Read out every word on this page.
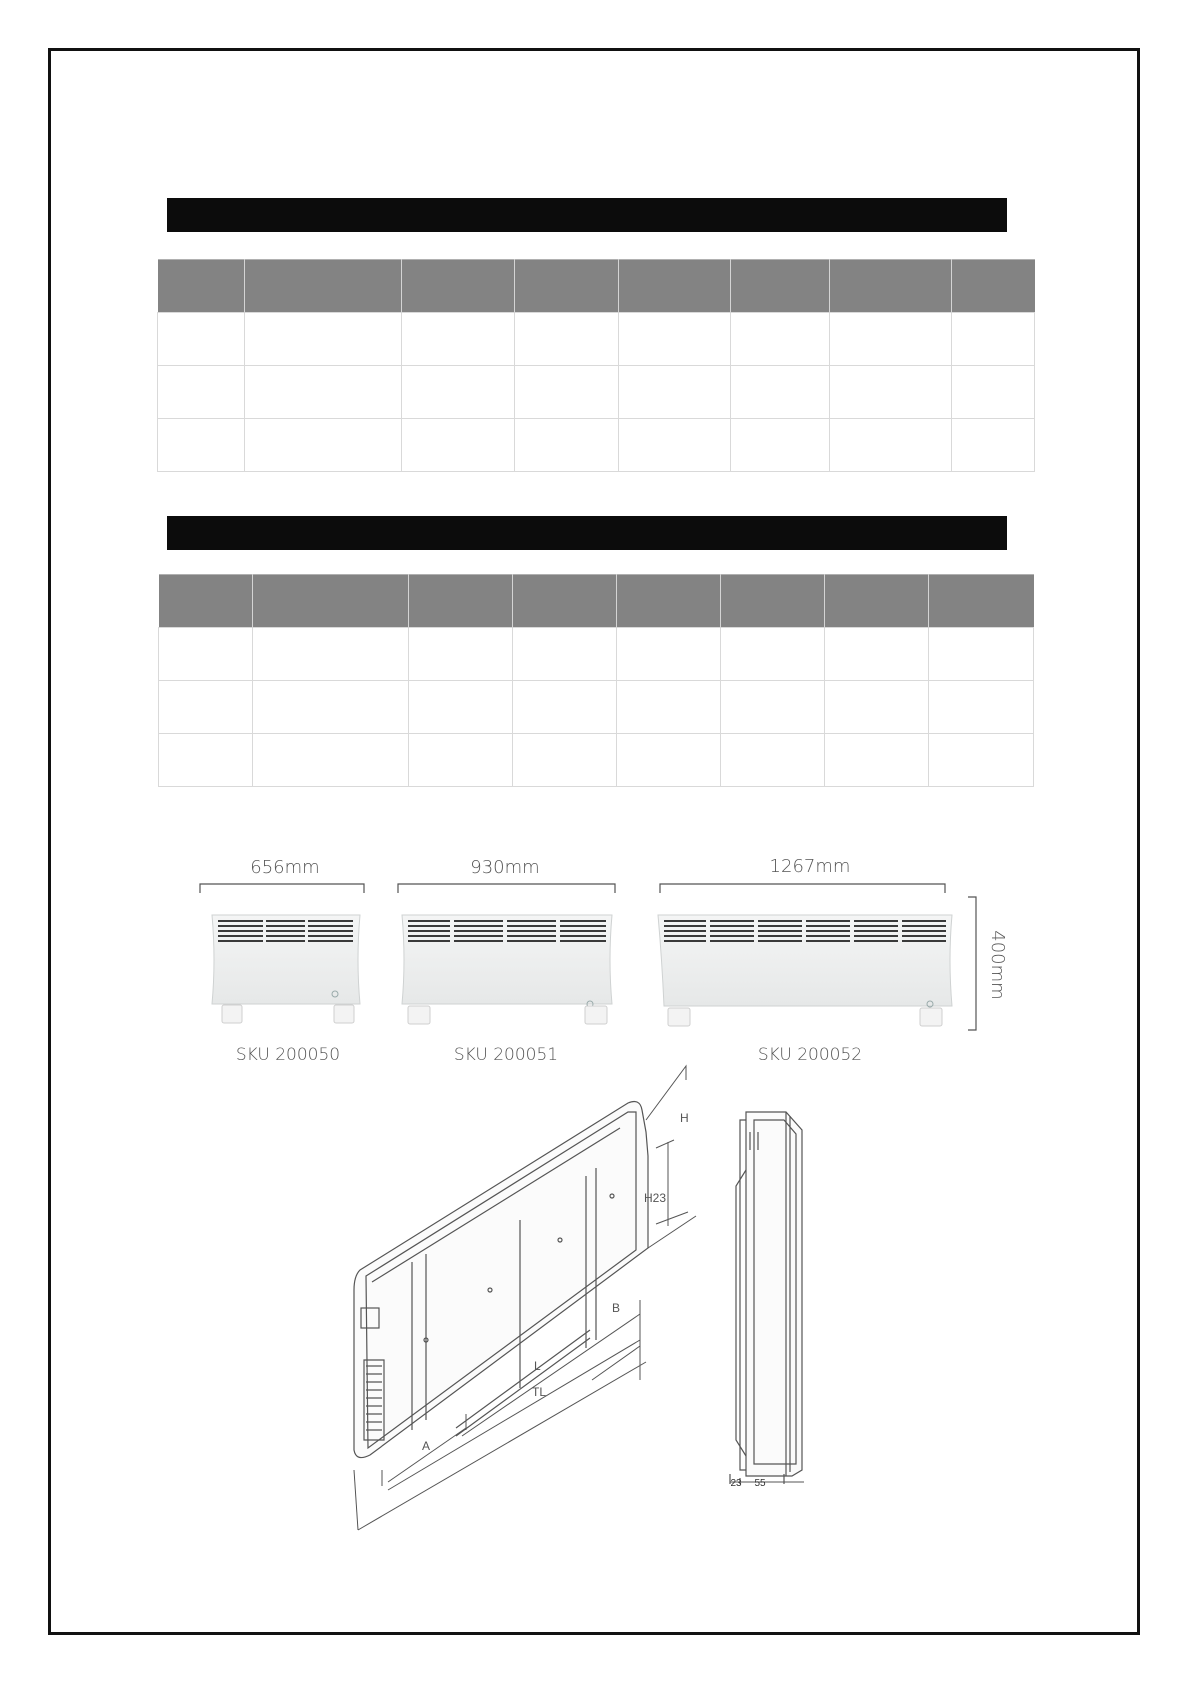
656mm	930mm	1267mm
400mm
SKU 200050	SKU 200051	SKU 200052
H
H23
B
L
TL
A
23 55
